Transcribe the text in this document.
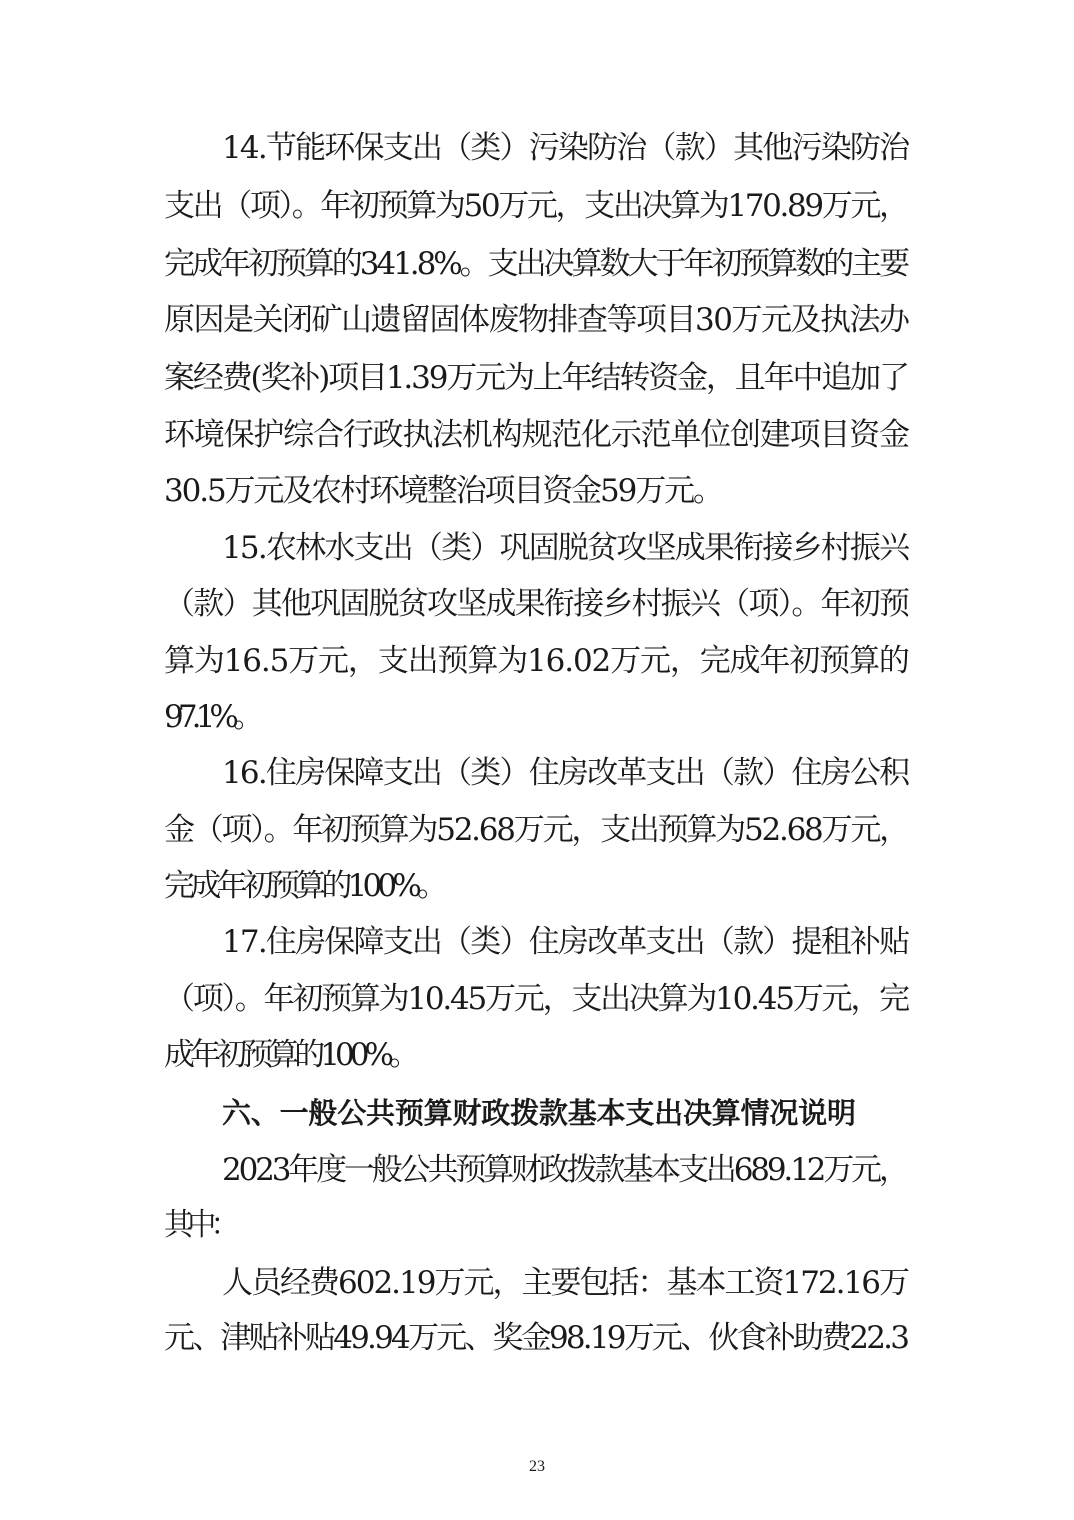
14.节能环保支出（类）污染防治（款）其他污染防治
支出（项）。年初预算为50万元，支出决算为170.89万元，
完成年初预算的341.8%。支出决算数大于年初预算数的主要
原因是关闭矿山遗留固体废物排查等项目30万元及执法办
案经费(奖补)项目1.39万元为上年结转资金，且年中追加了
环境保护综合行政执法机构规范化示范单位创建项目资金
30.5万元及农村环境整治项目资金59万元。
15.农林水支出（类）巩固脱贫攻坚成果衔接乡村振兴
（款）其他巩固脱贫攻坚成果衔接乡村振兴（项）。年初预
算为16.5万元，支出预算为16.02万元，完成年初预算的
97.1%。
16.住房保障支出（类）住房改革支出（款）住房公积
金（项）。年初预算为52.68万元，支出预算为52.68万元，
完成年初预算的100%。
17.住房保障支出（类）住房改革支出（款）提租补贴
（项）。年初预算为10.45万元，支出决算为10.45万元，完
成年初预算的100%。
六、一般公共预算财政拨款基本支出决算情况说明
2023年度一般公共预算财政拨款基本支出689.12万元，
其中：
人员经费602.19万元，主要包括：基本工资172.16万
元、津贴补贴49.94万元、奖金98.19万元、伙食补助费22.3
23
